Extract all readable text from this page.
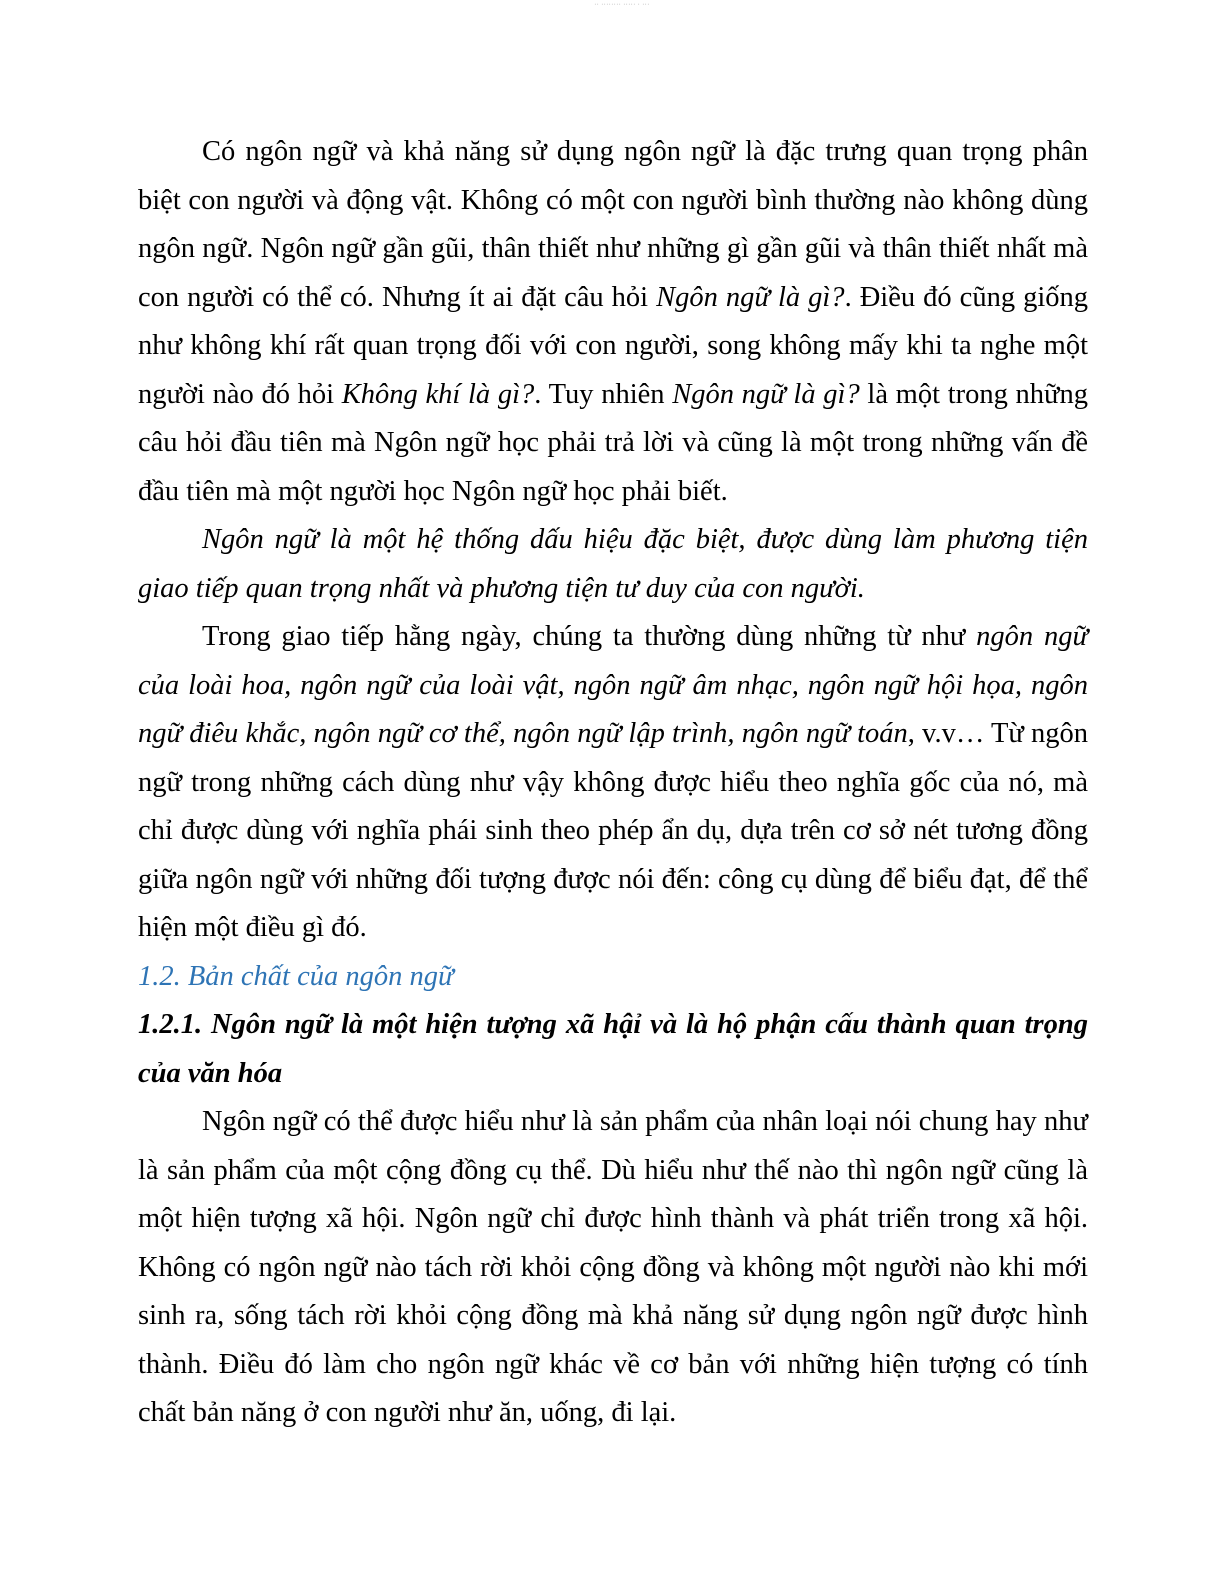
·· ········ ····· · ···

Có ngôn ngữ và khả năng sử dụng ngôn ngữ là đặc trưng quan trọng phân biệt con người và động vật. Không có một con người bình thường nào không dùng ngôn ngữ. Ngôn ngữ gần gũi, thân thiết như những gì gần gũi và thân thiết nhất mà con người có thể có. Nhưng ít ai đặt câu hỏi Ngôn ngữ là gì?. Điều đó cũng giống như không khí rất quan trọng đối với con người, song không mấy khi ta nghe một người nào đó hỏi Không khí là gì?. Tuy nhiên Ngôn ngữ là gì? là một trong những câu hỏi đầu tiên mà Ngôn ngữ học phải trả lời và cũng là một trong những vấn đề đầu tiên mà một người học Ngôn ngữ học phải biết.

Ngôn ngữ là một hệ thống dấu hiệu đặc biệt, được dùng làm phương tiện giao tiếp quan trọng nhất và phương tiện tư duy của con người.

Trong giao tiếp hằng ngày, chúng ta thường dùng những từ như ngôn ngữ của loài hoa, ngôn ngữ của loài vật, ngôn ngữ âm nhạc, ngôn ngữ hội họa, ngôn ngữ điêu khắc, ngôn ngữ cơ thể, ngôn ngữ lập trình, ngôn ngữ toán, v.v… Từ ngôn ngữ trong những cách dùng như vậy không được hiểu theo nghĩa gốc của nó, mà chỉ được dùng với nghĩa phái sinh theo phép ẩn dụ, dựa trên cơ sở nét tương đồng giữa ngôn ngữ với những đối tượng được nói đến: công cụ dùng để biểu đạt, để thể hiện một điều gì đó.

1.2. Bản chất của ngôn ngữ
1.2.1. Ngôn ngữ là một hiện tượng xã hậỉ và là hộ phận cấu thành quan trọng của văn hóa

Ngôn ngữ có thể được hiểu như là sản phẩm của nhân loại nói chung hay như là sản phẩm của một cộng đồng cụ thể. Dù hiểu như thế nào thì ngôn ngữ cũng là một hiện tượng xã hội. Ngôn ngữ chỉ được hình thành và phát triển trong xã hội. Không có ngôn ngữ nào tách rời khỏi cộng đồng và không một người nào khi mới sinh ra, sống tách rời khỏi cộng đồng mà khả năng sử dụng ngôn ngữ được hình thành. Điều đó làm cho ngôn ngữ khác về cơ bản với những hiện tượng có tính chất bản năng ở con người như ăn, uống, đi lại.
